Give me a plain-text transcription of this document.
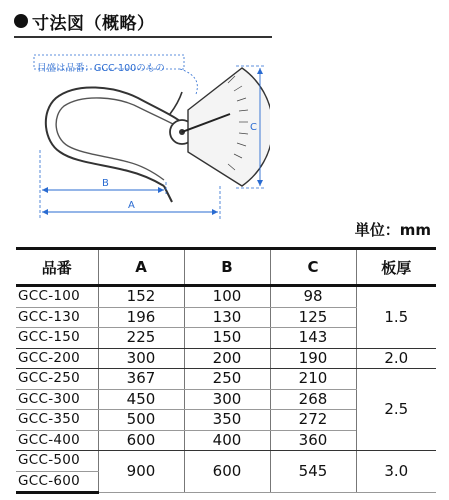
寸法図（概略）
B
A
C
目盛は品番：GCC-100のもの
単位：mm
品番	A	B	C	板厚
GCC-100	152	100	98	1.5
GCC-130	196	130	125	
GCC-150	225	150	143	
GCC-200	300	200	190	2.0
GCC-250	367	250	210	2.5
GCC-300	450	300	268	
GCC-350	500	350	272	
GCC-400	600	400	360	
GCC-500	900	600	545	3.0
GCC-600				
